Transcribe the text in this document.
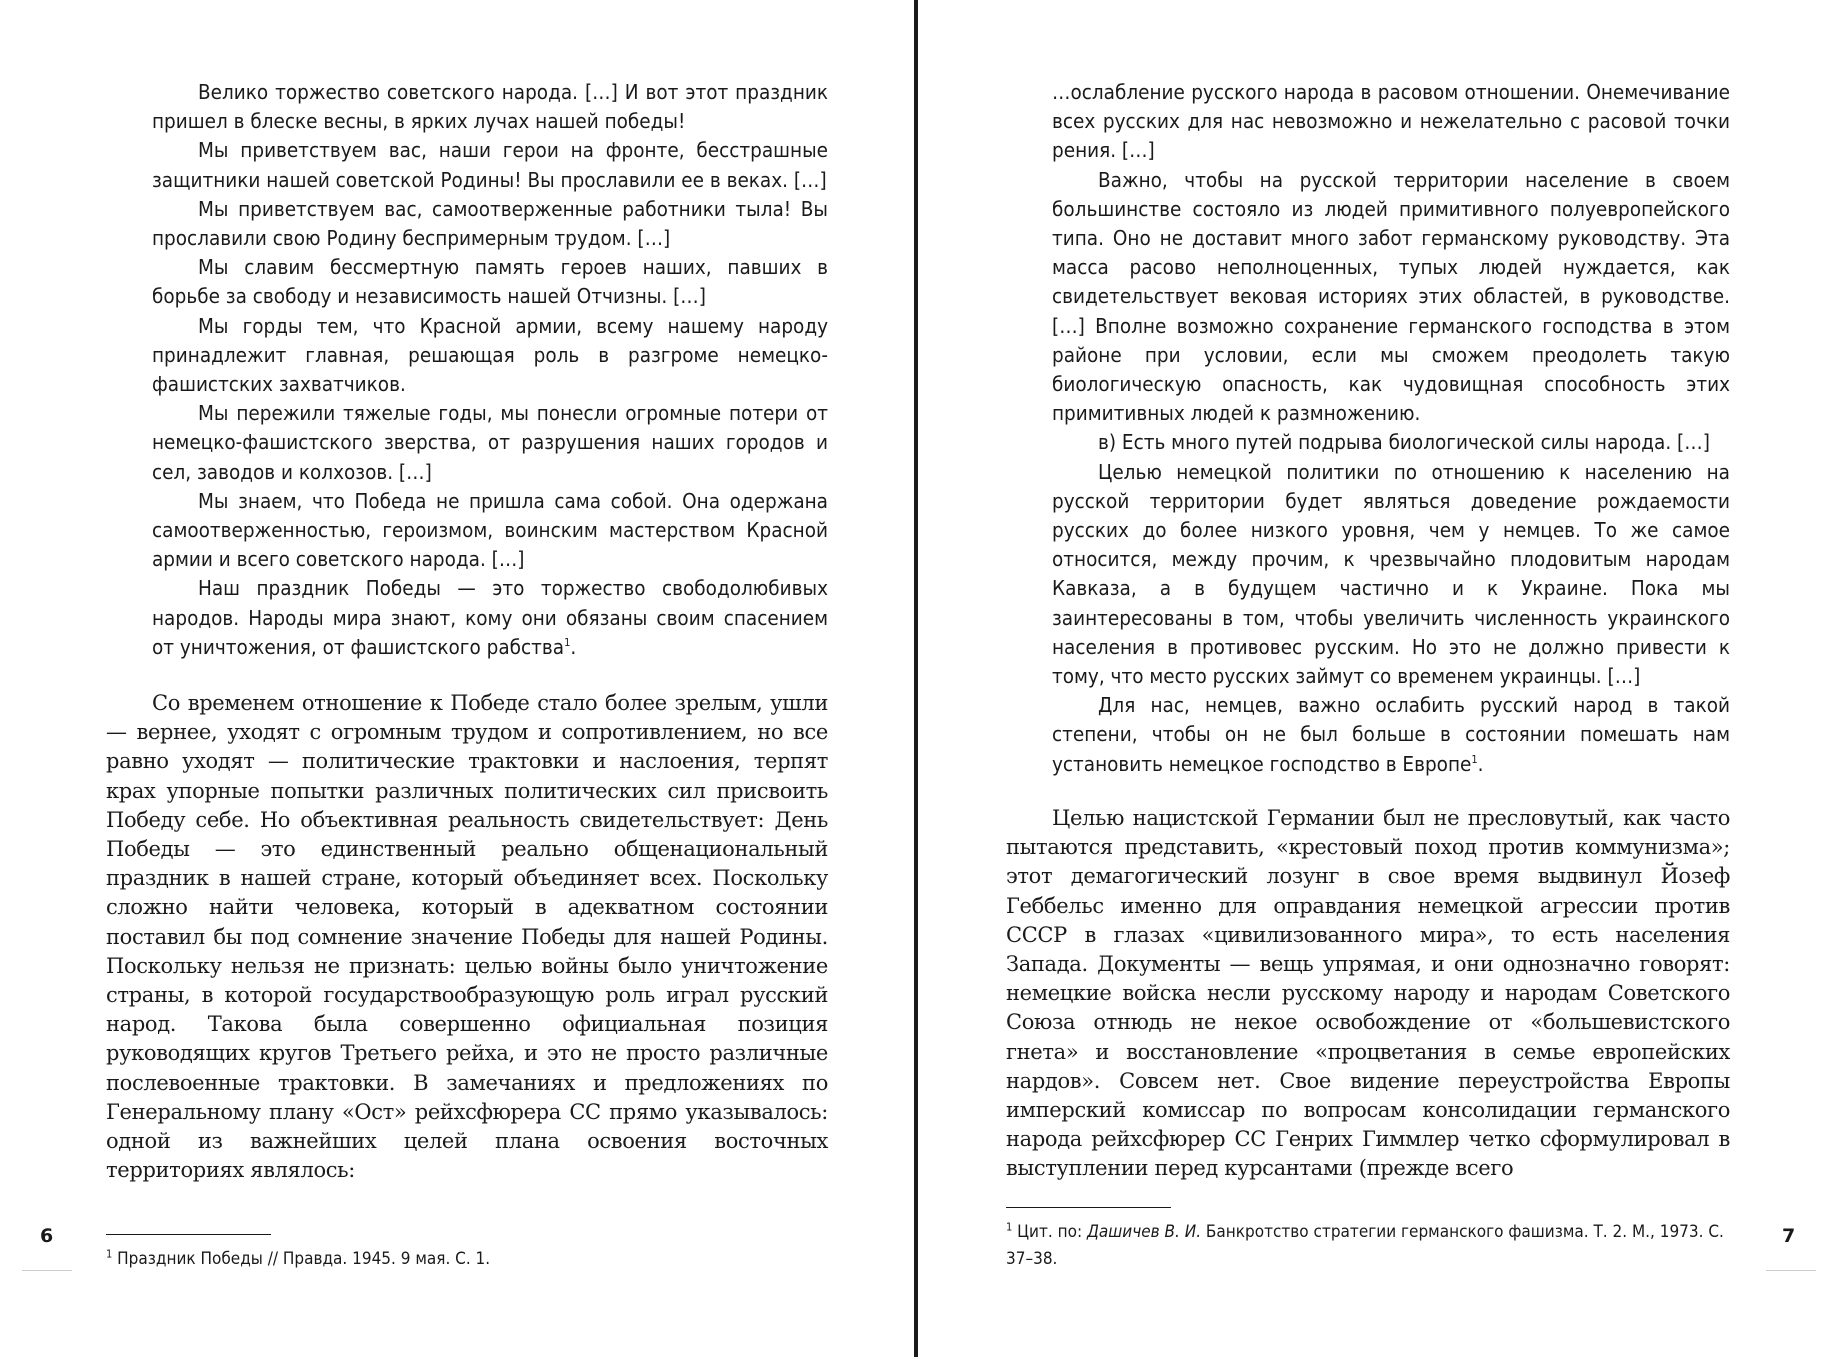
Велико торжество советского народа. […] И вот этот праздник пришел в блеске весны, в ярких лучах нашей победы!

Мы приветствуем вас, наши герои на фронте, бесстрашные защитники нашей советской Родины! Вы прославили ее в веках. […]

Мы приветствуем вас, самоотверженные работники тыла! Вы прославили свою Родину беспримерным трудом. […]

Мы славим бессмертную память героев наших, павших в борьбе за свободу и независимость нашей Отчизны. […]

Мы горды тем, что Красной армии, всему нашему народу принадлежит главная, решающая роль в разгроме немецко-фашистских захватчиков.

Мы пережили тяжелые годы, мы понесли огромные потери от немецко-фашистского зверства, от разрушения наших городов и сел, заводов и колхозов. […]

Мы знаем, что Победа не пришла сама собой. Она одержана самоотверженностью, героизмом, воинским мастерством Красной армии и всего советского народа. […]

Наш праздник Победы — это торжество свободолюбивых народов. Народы мира знают, кому они обязаны своим спасением от уничтожения, от фашистского рабства$^1$.

Со временем отношение к Победе стало более зрелым, ушли — вернее, уходят с огромным трудом и сопротивлением, но все равно уходят — политические трактовки и наслоения, терпят крах упорные попытки различных политических сил присвоить Победу себе. Но объективная реальность свидетельствует: День Победы — это единственный реально общенациональный праздник в нашей стране, который объединяет всех. Поскольку сложно найти человека, который в адекватном состоянии поставил бы под сомнение значение Победы для нашей Родины. Поскольку нельзя не признать: целью войны было уничтожение страны, в которой государствообразующую роль играл русский народ. Такова была совершенно официальная позиция руководящих кругов Третьего рейха, и это не просто различные послевоенные трактовки. В замечаниях и предложениях по Генеральному плану «Ост» рейхсфюрера СС прямо указывалось: одной из важнейших целей плана освоения восточных территориях являлось:

$^1$ Праздник Победы // Правда. 1945. 9 мая. С. 1.
6

…ослабление русского народа в расовом отношении. Онемечивание всех русских для нас невозможно и нежелательно с расовой точки рения. […]

Важно, чтобы на русской территории население в своем большинстве состояло из людей примитивного полуевропейского типа. Оно не доставит много забот германскому руководству. Эта масса расово неполноценных, тупых людей нуждается, как свидетельствует вековая историях этих областей, в руководстве. […] Вполне возможно сохранение германского господства в этом районе при условии, если мы сможем преодолеть такую биологическую опасность, как чудовищная способность этих примитивных людей к размножению.

в) Есть много путей подрыва биологической силы народа. […]

Целью немецкой политики по отношению к населению на русской территории будет являться доведение рождаемости русских до более низкого уровня, чем у немцев. То же самое относится, между прочим, к чрезвычайно плодовитым народам Кавказа, а в будущем частично и к Украине. Пока мы заинтересованы в том, чтобы увеличить численность украинского населения в противовес русским. Но это не должно привести к тому, что место русских займут со временем украинцы. […]

Для нас, немцев, важно ослабить русский народ в такой степени, чтобы он не был больше в состоянии помешать нам установить немецкое господство в Европе$^1$.

Целью нацистской Германии был не пресловутый, как часто пытаются представить, «крестовый поход против коммунизма»; этот демагогический лозунг в свое время выдвинул Йозеф Геббельс именно для оправдания немецкой агрессии против СССР в глазах «цивилизованного мира», то есть населения Запада. Документы — вещь упрямая, и они однозначно говорят: немецкие войска несли русскому народу и народам Советского Союза отнюдь не некое освобождение от «большевистского гнета» и восстановление «процветания в семье европейских нардов». Совсем нет. Свое видение переустройства Европы имперский комиссар по вопросам консолидации германского народа рейхсфюрер СС Генрих Гиммлер четко сформулировал в выступлении перед курсантами (прежде всего

$^1$ Цит. по: Дашичев В. И. Банкротство стратегии германского фашизма. Т. 2. М., 1973. С. 37–38.
7
